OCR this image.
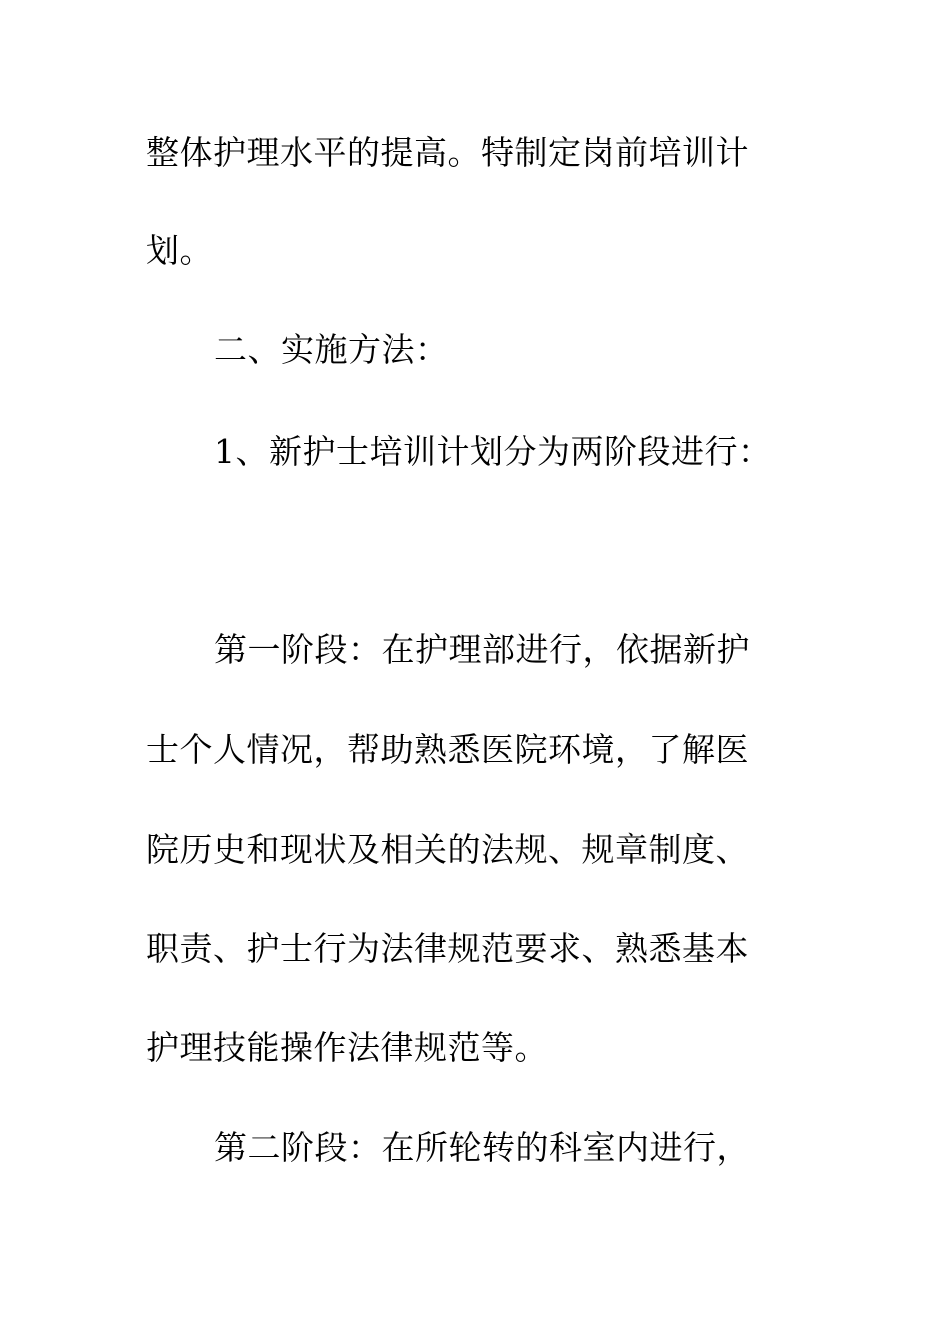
整体护理水平的提高。特制定岗前培训计
划。
二、实施方法：
1、新护士培训计划分为两阶段进行：
第一阶段：在护理部进行，依据新护
士个人情况，帮助熟悉医院环境，了解医
院历史和现状及相关的法规、规章制度、
职责、护士行为法律规范要求、熟悉基本
护理技能操作法律规范等。
第二阶段：在所轮转的科室内进行，
